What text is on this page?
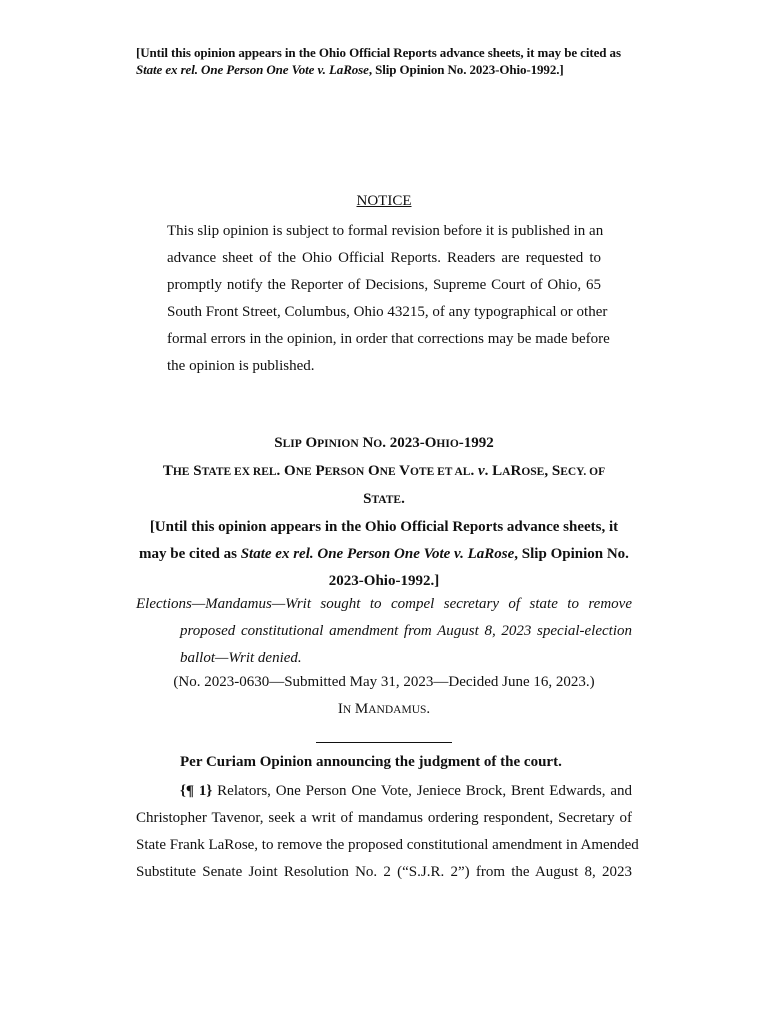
[Until this opinion appears in the Ohio Official Reports advance sheets, it may be cited as State ex rel. One Person One Vote v. LaRose, Slip Opinion No. 2023-Ohio-1992.]
NOTICE
This slip opinion is subject to formal revision before it is published in an
advance sheet of the Ohio Official Reports. Readers are requested to
promptly notify the Reporter of Decisions, Supreme Court of Ohio, 65
South Front Street, Columbus, Ohio 43215, of any typographical or other
formal errors in the opinion, in order that corrections may be made before
the opinion is published.
SLIP OPINION NO. 2023-OHIO-1992
THE STATE EX REL. ONE PERSON ONE VOTE ET AL. v. LAROSE, SECY. OF
STATE.
[Until this opinion appears in the Ohio Official Reports advance sheets, it may be cited as State ex rel. One Person One Vote v. LaRose, Slip Opinion No. 2023-Ohio-1992.]
Elections—Mandamus—Writ sought to compel secretary of state to remove
proposed constitutional amendment from August 8, 2023 special-election
ballot—Writ denied.
(No. 2023-0630—Submitted May 31, 2023—Decided June 16, 2023.)
IN MANDAMUS.
Per Curiam Opinion announcing the judgment of the court.
{¶ 1} Relators, One Person One Vote, Jeniece Brock, Brent Edwards, and
Christopher Tavenor, seek a writ of mandamus ordering respondent, Secretary of
State Frank LaRose, to remove the proposed constitutional amendment in Amended
Substitute Senate Joint Resolution No. 2 (“S.J.R. 2”) from the August 8, 2023
